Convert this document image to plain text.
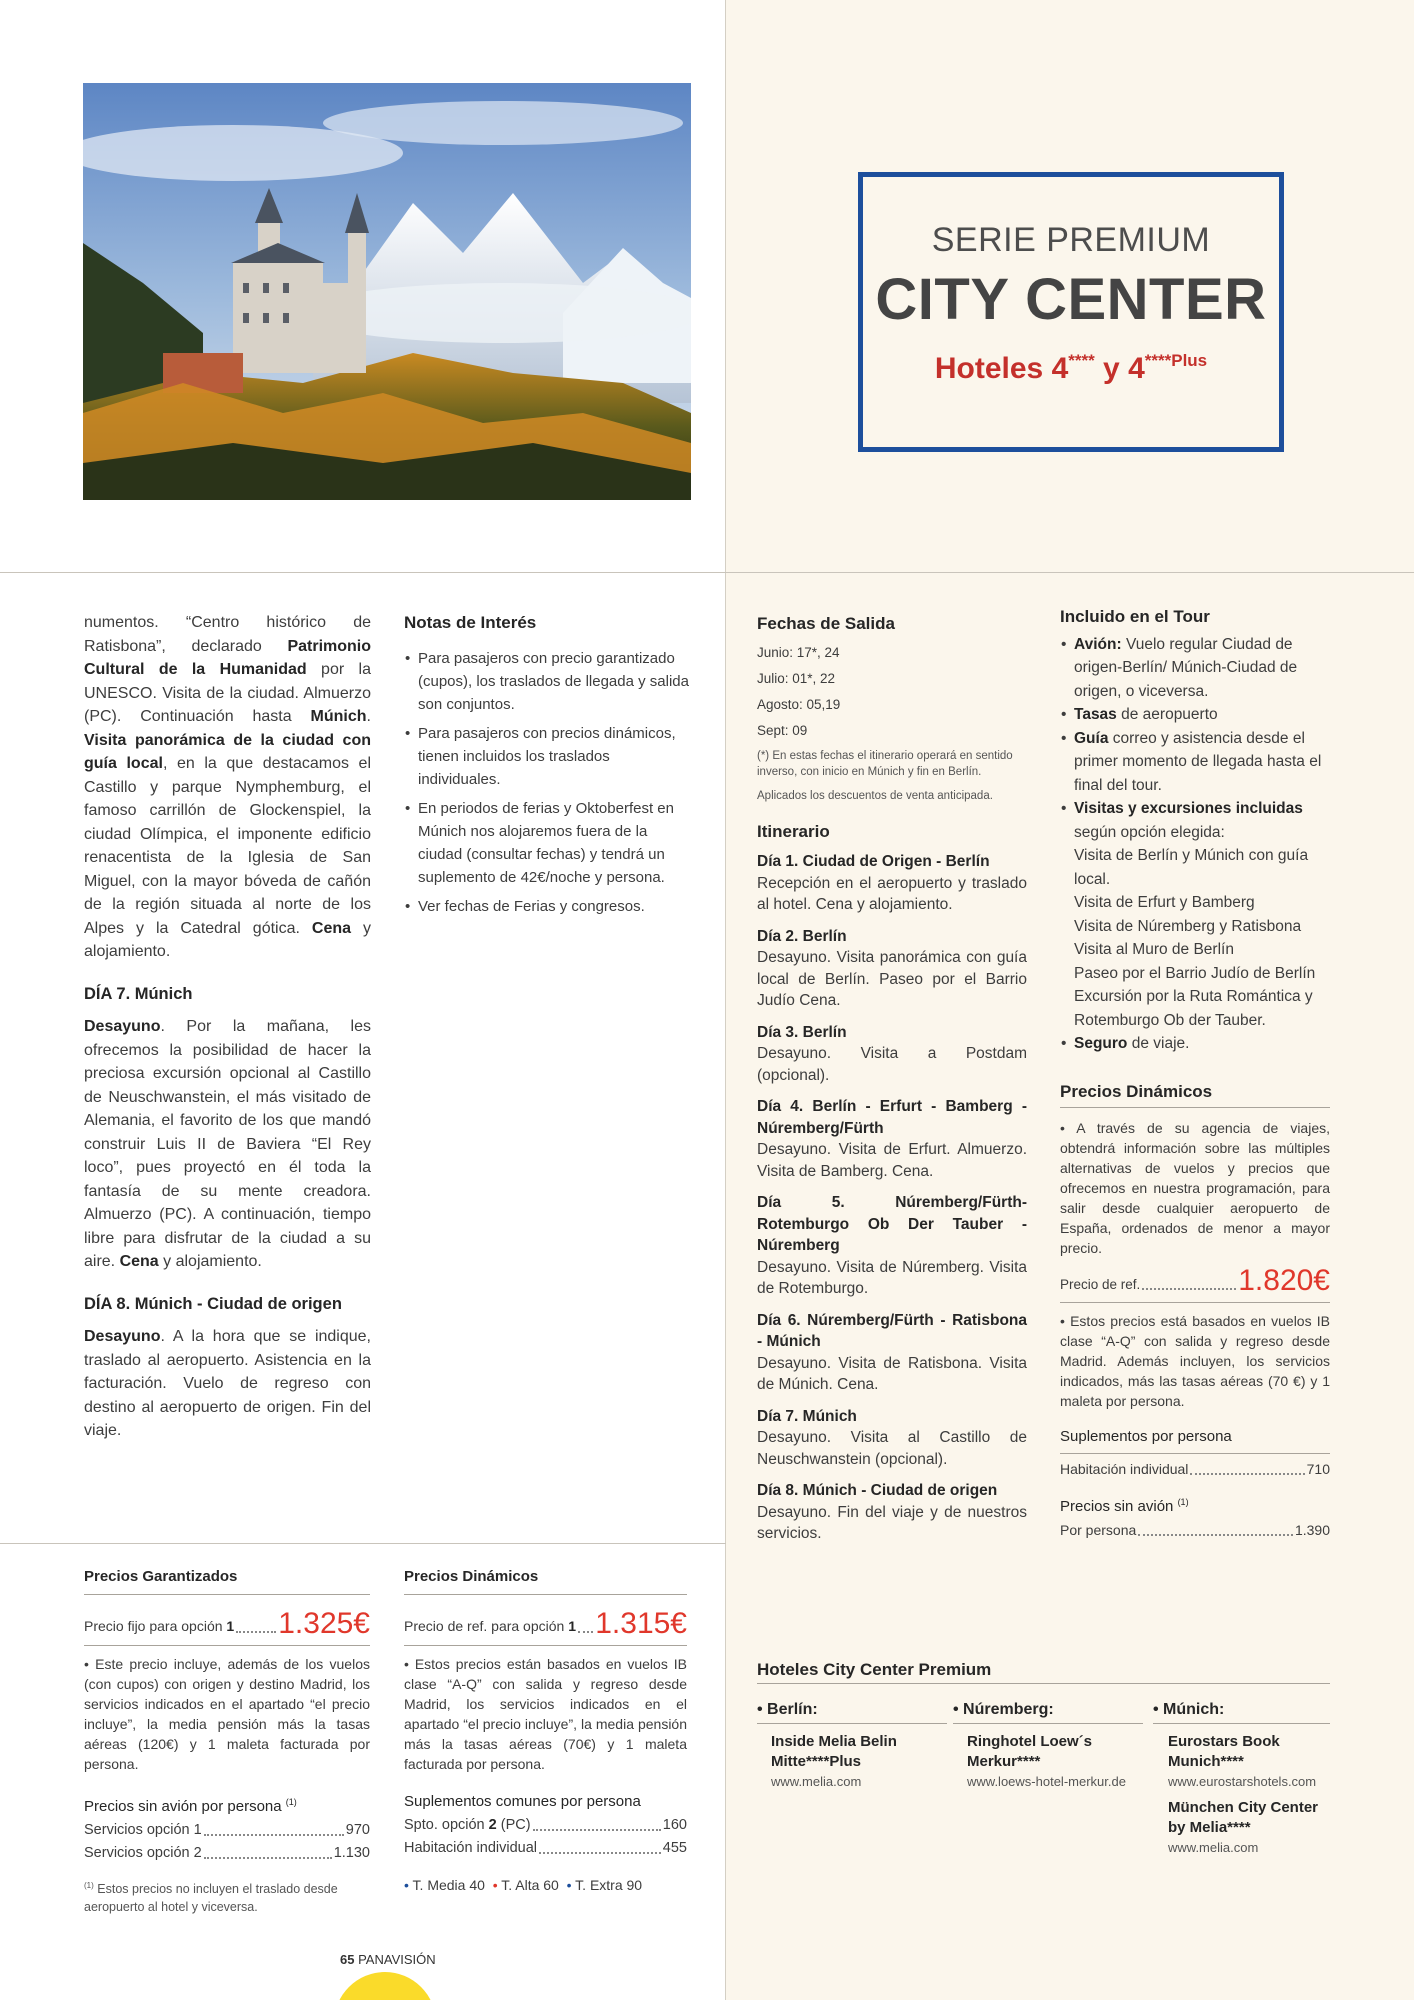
SERIE PREMIUM
CITY CENTER
Hoteles 4**** y $4^{****Plus}$
numentos. “Centro histórico de Ratisbona”, declarado Patrimonio Cultural de la Humanidad por la UNESCO. Visita de la ciudad. Almuerzo (PC). Continuación hasta Múnich. Visita panorámica de la ciudad con guía local, en la que destacamos el Castillo y parque Nymphemburg, el famoso carrillón de Glockenspiel, la ciudad Olímpica, el imponente edificio renacentista de la Iglesia de San Miguel, con la mayor bóveda de cañón de la región situada al norte de los Alpes y la Catedral gótica. Cena y alojamiento.
DÍA 7. Múnich
Desayuno. Por la mañana, les ofrecemos la posibilidad de hacer la preciosa excursión opcional al Castillo de Neuschwanstein, el más visitado de Alemania, el favorito de los que mandó construir Luis II de Baviera “El Rey loco”, pues proyectó en él toda la fantasía de su mente creadora. Almuerzo (PC). A continuación, tiempo libre para disfrutar de la ciudad a su aire. Cena y alojamiento.
DÍA 8. Múnich - Ciudad de origen
Desayuno. A la hora que se indique, traslado al aeropuerto. Asistencia en la facturación. Vuelo de regreso con destino al aeropuerto de origen. Fin del viaje.
Notas de Interés
• Para pasajeros con precio garantizado (cupos), los traslados de llegada y salida son conjuntos.
• Para pasajeros con precios dinámicos, tienen incluidos los traslados individuales.
• En periodos de ferias y Oktoberfest en Múnich nos alojaremos fuera de la ciudad (consultar fechas) y tendrá un suplemento de 42€/noche y persona.
• Ver fechas de Ferias y congresos.
Precios Garantizados
Precio fijo para opción 1 1.325€
• Este precio incluye, además de los vuelos (con cupos) con origen y destino Madrid, los servicios indicados en el apartado “el precio incluye”, la media pensión más la tasas aéreas (120€) y 1 maleta facturada por persona.
Precios sin avión por persona $^{(1)}$
Servicios opción 1	970
Servicios opción 2	1.130
$^{(1)}$ Estos precios no incluyen el traslado desde aeropuerto al hotel y viceversa.
Precios Dinámicos
Precio de ref. para opción 1 1.315€
• Estos precios están basados en vuelos IB clase “A-Q” con salida y regreso desde Madrid, los servicios indicados en el apartado “el precio incluye”, la media pensión más la tasas aéreas (70€) y 1 maleta facturada por persona.
Suplementos comunes por persona
Spto. opción 2 (PC)	160
Habitación individual	455
• T. Media 40 • T. Alta 60 • T. Extra 90
Fechas de Salida
Junio: 17*, 24
Julio: 01*, 22
Agosto: 05,19
Sept: 09
(*) En estas fechas el itinerario operará en sentido inverso, con inicio en Múnich y fin en Berlín.
Aplicados los descuentos de venta anticipada.
Itinerario
Día 1. Ciudad de Origen - Berlín
Recepción en el aeropuerto y traslado al hotel. Cena y alojamiento.
Día 2. Berlín
Desayuno. Visita panorámica con guía local de Berlín. Paseo por el Barrio Judío Cena.
Día 3. Berlín
Desayuno. Visita a Postdam (opcional).
Día 4. Berlín - Erfurt - Bamberg - Núremberg/Fürth
Desayuno. Visita de Erfurt. Almuerzo. Visita de Bamberg. Cena.
Día 5. Núremberg/Fürth- Rotemburgo Ob Der Tauber - Núremberg
Desayuno. Visita de Núremberg. Visita de Rotemburgo.
Día 6. Núremberg/Fürth - Ratisbona - Múnich
Desayuno. Visita de Ratisbona. Visita de Múnich. Cena.
Día 7. Múnich
Desayuno. Visita al Castillo de Neuschwanstein (opcional).
Día 8. Múnich - Ciudad de origen
Desayuno. Fin del viaje y de nuestros servicios.
Incluido en el Tour
• Avión: Vuelo regular Ciudad de origen-Berlín/ Múnich-Ciudad de origen, o viceversa.
• Tasas de aeropuerto
• Guía correo y asistencia desde el primer momento de llegada hasta el final del tour.
• Visitas y excursiones incluidas según opción elegida:
Visita de Berlín y Múnich con guía local.
Visita de Erfurt y Bamberg
Visita de Núremberg y Ratisbona
Visita al Muro de Berlín
Paseo por el Barrio Judío de Berlín
Excursión por la Ruta Romántica y Rotemburgo Ob der Tauber.
• Seguro de viaje.
Precios Dinámicos
• A través de su agencia de viajes, obtendrá información sobre las múltiples alternativas de vuelos y precios que ofrecemos en nuestra programación, para salir desde cualquier aeropuerto de España, ordenados de menor a mayor precio.
Precio de ref.	1.820€
• Estos precios está basados en vuelos IB clase “A-Q” con salida y regreso desde Madrid. Además incluyen, los servicios indicados, más las tasas aéreas (70 €) y 1 maleta por persona.
Suplementos por persona
Habitación individual	710
Precios sin avión $^{(1)}$
Por persona	1.390
Hoteles City Center Premium
• Berlín:
Inside Melia Belin Mitte****Plus
www.melia.com
• Núremberg:
Ringhotel Loew´s Merkur****
www.loews-hotel-merkur.de
• Múnich:
Eurostars Book Munich****
www.eurostarshotels.com
München City Center by Melia****
www.melia.com
65 PANAVISIÓN
